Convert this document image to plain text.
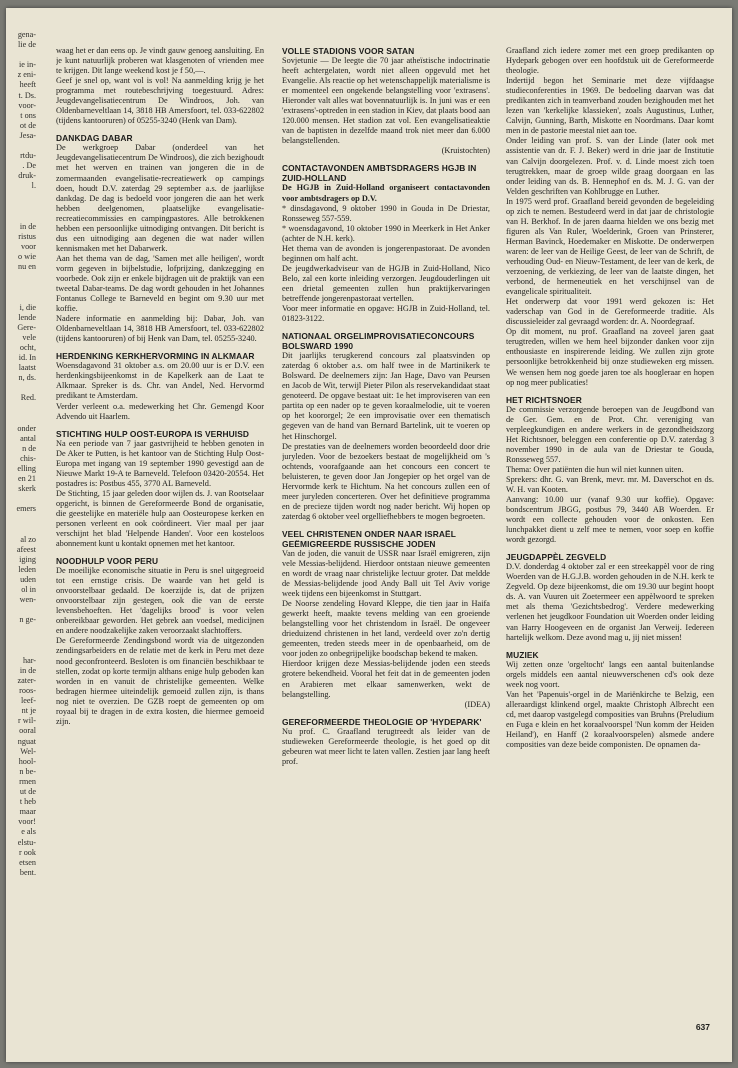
gena-
lie de

ie in-
z eni-
heeft
t. Ds.
voor-
t ons
ot de
Jesa-

rtdu-
. De
druk-
l.

in de
ristus
voor
o wie
nu en

i, die
lende
Gere-
vele
ocht,
id. In
laatst
n, ds.

Red.

onder
antal
n de
chis-
elling
en 21
skerk

emers

al zo
afeest
iging
leden
uden
ol in
wen-

n ge-

har-
in de
zater-
roos-
leef-
nt je
r wil-
ooral
nguat
Wel-
hool-
n be-
rmen
ut de
t heb
maar
voor!
e als
elstu-
r ook
etsen
bent.

waag het er dan eens op. Je vindt gauw genoeg aansluiting. En je kunt natuurlijk proberen wat klasgenoten of vrienden mee te krijgen. Dit lange weekend kost je f 50,—.

Geef je snel op, want vol is vol! Na aanmelding krijg je het programma met routebeschrijving toegestuurd. Adres: Jeugdevangelisatiecentrum De Windroos, Joh. van Oldenbarneveltlaan 14, 3818 HB Amersfoort, tel. 033-622802 (tijdens kantooruren) of 05255-3240 (Henk van Dam).

DANKDAG DABAR

De werkgroep Dabar (onderdeel van het Jeugdevangelisatiecentrum De Windroos), die zich bezighoudt met het werven en trainen van jongeren die in de zomermaanden evangelisatie-recreatiewerk op campings doen, houdt D.V. zaterdag 29 september a.s. de jaarlijkse dankdag. De dag is bedoeld voor jongeren die aan het werk hebben deelgenomen, plaatselijke evangelisatie-recreatiecommissies en campingpastores. Alle betrokkenen hebben een persoonlijke uitnodiging ontvangen. Dit bericht is dus een uitnodiging aan degenen die wat nader willen kennismaken met het Dabarwerk.

Aan het thema van de dag, 'Samen met alle heiligen', wordt vorm gegeven in bijbelstudie, lofprijzing, dankzegging en voorbede. Ook zijn er enkele bijdragen uit de praktijk van een tweetal Dabar-teams. De dag wordt gehouden in het Johannes Fontanus College te Barneveld en begint om 9.30 uur met koffie.

Nadere informatie en aanmelding bij: Dabar, Joh. van Oldenbarneveltlaan 14, 3818 HB Amersfoort, tel. 033-622802 (tijdens kantooruren) of bij Henk van Dam, tel. 05255-3240.

HERDENKING KERKHERVORMING IN ALKMAAR

Woensdagavond 31 oktober a.s. om 20.00 uur is er D.V. een herdenkingsbijeenkomst in de Kapelkerk aan de Laat te Alkmaar. Spreker is ds. Chr. van Andel, Ned. Hervormd predikant te Amsterdam.

Verder verleent o.a. medewerking het Chr. Gemengd Koor Advendo uit Haarlem.

STICHTING HULP OOST-EUROPA IS VERHUISD

Na een periode van 7 jaar gastvrijheid te hebben genoten in De Aker te Putten, is het kantoor van de Stichting Hulp Oost-Europa met ingang van 19 september 1990 gevestigd aan de Nieuwe Markt 19-A te Barneveld. Telefoon 03420-20554. Het postadres is: Postbus 455, 3770 AL Barneveld.

De Stichting, 15 jaar geleden door wijlen ds. J. van Rootselaar opgericht, is binnen de Gereformeerde Bond de organisatie, die geestelijke en materiële hulp aan Oosteuropese kerken en personen verleent en ook coördineert. Vier maal per jaar verschijnt het blad 'Helpende Handen'. Voor een kosteloos abonnement kunt u kontakt opnemen met het kantoor.

NOODHULP VOOR PERU

De moeilijke economische situatie in Peru is snel uitgegroeid tot een ernstige crisis. De waarde van het geld is onvoorstelbaar gedaald. De koerzijde is, dat de prijzen onvoorstelbaar zijn gestegen, ook die van de eerste levensbehoeften. Het 'dagelijks brood' is voor velen onbereikbaar geworden. Het gebrek aan voedsel, medicijnen en andere noodzakelijke zaken veroorzaakt slachtoffers.

De Gereformeerde Zendingsbond wordt via de uitgezonden zendingsarbeiders en de relatie met de kerk in Peru met deze nood geconfronteerd. Besloten is om financiën beschikbaar te stellen, zodat op korte termijn althans enige hulp geboden kan worden in en vanuit de christelijke gemeenten. Welke bedragen hiermee uiteindelijk gemoeid zullen zijn, is thans nog niet te overzien. De GZB roept de gemeenten op om royaal bij te dragen in de extra kosten, die hiermee gemoeid zijn.

VOLLE STADIONS VOOR SATAN

Sovjetunie — De leegte die 70 jaar atheïstische indoctrinatie heeft achtergelaten, wordt niet alleen opgevuld met het Evangelie. Als reactie op het wetenschappelijk materialisme is er momenteel een ongekende belangstelling voor 'extrasens'. Hieronder valt alles wat bovennatuurlijk is. In juni was er een 'extrasens'-optreden in een stadion in Kiev, dat plaats bood aan 120.000 mensen. Het stadion zat vol. Een evangelisatieaktie van de baptisten in dezelfde maand trok niet meer dan 6.000 belangstellenden.

(Kruistochten)

CONTACTAVONDEN AMBTSDRAGERS HGJB IN ZUID-HOLLAND

De HGJB in Zuid-Holland organiseert contactavonden voor ambtsdragers op D.V.

* dinsdagavond, 9 oktober 1990 in Gouda in De Driestar, Ronsseweg 557-559.

* woensdagavond, 10 oktober 1990 in Meerkerk in Het Anker (achter de N.H. kerk).

Het thema van de avonden is jongerenpastoraat. De avonden beginnen om half acht.

De jeugdwerkadviseur van de HGJB in Zuid-Holland, Nico Belo, zal een korte inleiding verzorgen. Jeugdouderlingen uit een drietal gemeenten zullen hun praktijkervaringen betreffende jongerenpastoraat vertellen.

Voor meer informatie en opgave: HGJB in Zuid-Holland, tel. 01823-3122.

NATIONAAL ORGELIMPROVISATIECONCOURS BOLSWARD 1990

Dit jaarlijks terugkerend concours zal plaatsvinden op zaterdag 6 oktober a.s. om half twee in de Martinikerk te Bolsward. De deelnemers zijn: Jan Hage, Davo van Peursen en Jacob de Wit, terwijl Pieter Pilon als reservekandidaat staat genoteerd. De opgave bestaat uit: 1e het improviseren van een partita op een nader op te geven koraalmelodie, uit te voeren op het koororgel; 2e een improvisatie over een thematisch gegeven van de hand van Bernard Bartelink, uit te voeren op het Hinschorgel.

De prestaties van de deelnemers worden beoordeeld door drie juryleden. Voor de bezoekers bestaat de mogelijkheid om 's ochtends, voorafgaande aan het concours een concert te beluisteren, te geven door Jan Jongepier op het orgel van de Hervormde kerk te Hichtum. Na het concours zullen een of meer juryleden concerteren. Over het definitieve programma en de precieze tijden wordt nog nader bericht. Wij hopen op zaterdag 6 oktober veel orgelliefhebbers te mogen begroeten.

VEEL CHRISTENEN ONDER NAAR ISRAËL GEËMIGREERDE RUSSISCHE JODEN

Van de joden, die vanuit de USSR naar Israël emigreren, zijn vele Messias-belijdend. Hierdoor ontstaan nieuwe gemeenten en wordt de vraag naar christelijke lectuur groter. Dat meldde de Messias-belijdende jood Andy Ball uit Tel Aviv vorige week tijdens een bijeenkomst in Stuttgart.

De Noorse zendeling Hovard Kleppe, die tien jaar in Haifa gewerkt heeft, maakte tevens melding van een groeiende belangstelling voor het christendom in Israël. De ongeveer drieduizend christenen in het land, verdeeld over zo'n dertig gemeenten, treden steeds meer in de openbaarheid, om de voor joden zo onbegrijpelijke boodschap bekend te maken.

Hierdoor krijgen deze Messias-belijdende joden een steeds grotere bekendheid. Vooral het feit dat in de gemeenten joden en Arabieren met elkaar samenwerken, wekt de belangstelling.

(IDEA)

GEREFORMEERDE THEOLOGIE OP 'HYDEPARK'

Nu prof. C. Graafland terugtreedt als leider van de studieweken Gereformeerde theologie, is het goed op dit gebeuren wat meer licht te laten vallen. Zestien jaar lang heeft prof.

Graafland zich iedere zomer met een groep predikanten op Hydepark gebogen over een hoofdstuk uit de Gereformeerde theologie.

Indertijd begon het Seminarie met deze vijfdaagse studieconferenties in 1969. De bedoeling daarvan was dat predikanten zich in teamverband zouden bezighouden met het lezen van 'kerkelijke klassieken', zoals Augustinus, Luther, Calvijn, Gunning, Barth, Miskotte en Noordmans. Daar komt men in de pastorie meestal niet aan toe.

Onder leiding van prof. S. van der Linde (later ook met assistentie van dr. F. J. Beker) werd in drie jaar de Institutie van Calvijn doorgelezen. Prof. v. d. Linde moest zich toen terugtrekken, maar de groep wilde graag doorgaan en las onder leiding van ds. B. Hennephof en ds. M. J. G. van der Velden geschriften van Kohlbrugge en Luther.

In 1975 werd prof. Graafland bereid gevonden de begeleiding op zich te nemen. Bestudeerd werd in dat jaar de christologie van H. Berkhof. In de jaren daarna hielden we ons bezig met figuren als Van Ruler, Woelderink, Groen van Prinsterer, Herman Bavinck, Hoedemaker en Miskotte. De onderwerpen waren: de leer van de Heilige Geest, de leer van de Schrift, de verhouding Oud- en Nieuw-Testament, de leer van de kerk, de verzoening, de verkiezing, de leer van de laatste dingen, het verbond, de hermeneutiek en het verschijnsel van de evangelicale spiritualiteit.

Het onderwerp dat voor 1991 werd gekozen is: Het vaderschap van God in de Gereformeerde traditie. Als discussieleider zal gevraagd worden: dr. A. Noordegraaf.

Op dit moment, nu prof. Graafland na zoveel jaren gaat terugtreden, willen we hem heel bijzonder danken voor zijn enthousiaste en inspirerende leiding. We zullen zijn grote persoonlijke betrokkenheid bij onze studieweken erg missen. We wensen hem nog goede jaren toe als hoogleraar en hopen op nog meer publicaties!

HET RICHTSNOER

De commissie verzorgende beroepen van de Jeugdbond van de Ger. Gem. en de Prot. Chr. vereniging van verpleegkundigen en andere werkers in de gezondheidszorg Het Richtsnoer, beleggen een conferentie op D.V. zaterdag 3 november 1990 in de aula van de Driestar te Gouda, Ronsseweg 557.

Thema: Over patiënten die hun wil niet kunnen uiten.

Sprekers: dhr. G. van Brenk, mevr. mr. M. Daverschot en ds. W. H. van Kooten.

Aanvang: 10.00 uur (vanaf 9.30 uur koffie). Opgave: bondscentrum JBGG, postbus 79, 3440 AB Woerden. Er wordt een collecte gehouden voor de onkosten. Een lunchpakket dient u zelf mee te nemen, voor soep en koffie wordt gezorgd.

JEUGDAPPÈL ZEGVELD

D.V. donderdag 4 oktober zal er een streekappèl voor de ring Woerden van de H.G.J.B. worden gehouden in de N.H. kerk te Zegveld. Op deze bijeenkomst, die om 19.30 uur begint hoopt ds. A. van Vuuren uit Zoetermeer een appèlwoord te spreken met als thema 'Gezichtsbedrog'. Verdere medewerking verlenen het jeugdkoor Foundation uit Woerden onder leiding van Harry Hoogeveen en de organist Jan Verweij. Iedereen hartelijk welkom. Deze avond mag u, jij niet missen!

MUZIEK

Wij zetten onze 'orgeltocht' langs een aantal buitenlandse orgels middels een aantal nieuwverschenen cd's ook deze week nog voort.

Van het 'Papenuis'-orgel in de Mariënkirche te Belzig, een alleraardigst klinkend orgel, maakte Christoph Albrecht een cd, met daarop vastgelegd composities van Bruhns (Preludium en Fuga e klein en het koraalvoorspel 'Nun komm der Heiden Heiland'), en Hanff (2 koraalvoorspelen) alsmede andere composities van deze beide componisten. De opnamen da-

637
